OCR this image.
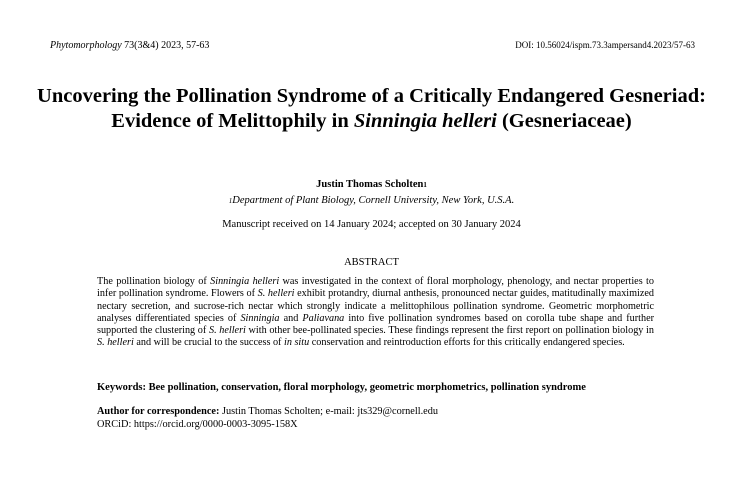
Phytomorphology 73(3&4) 2023, 57-63	DOI: 10.56024/ispm.73.3ampersand4.2023/57-63
Uncovering the Pollination Syndrome of a Critically Endangered Gesneriad: Evidence of Melittophily in Sinningia helleri (Gesneriaceae)
Justin Thomas Scholten1
1Department of Plant Biology, Cornell University, New York, U.S.A.
Manuscript received on 14 January 2024; accepted on 30 January 2024
ABSTRACT
The pollination biology of Sinningia helleri was investigated in the context of floral morphology, phenology, and nectar properties to infer pollination syndrome. Flowers of S. helleri exhibit protandry, diurnal anthesis, pronounced nectar guides, matitudinally maximized nectary secretion, and sucrose-rich nectar which strongly indicate a melittophilous pollination syndrome. Geometric morphometric analyses differentiated species of Sinningia and Paliavana into five pollination syndromes based on corolla tube shape and further supported the clustering of S. helleri with other bee-pollinated species. These findings represent the first report on pollination biology in S. helleri and will be crucial to the success of in situ conservation and reintroduction efforts for this critically endangered species.
Keywords: Bee pollination, conservation, floral morphology, geometric morphometrics, pollination syndrome
Author for correspondence: Justin Thomas Scholten; e-mail: jts329@cornell.edu
ORCiD: https://orcid.org/0000-0003-3095-158X
